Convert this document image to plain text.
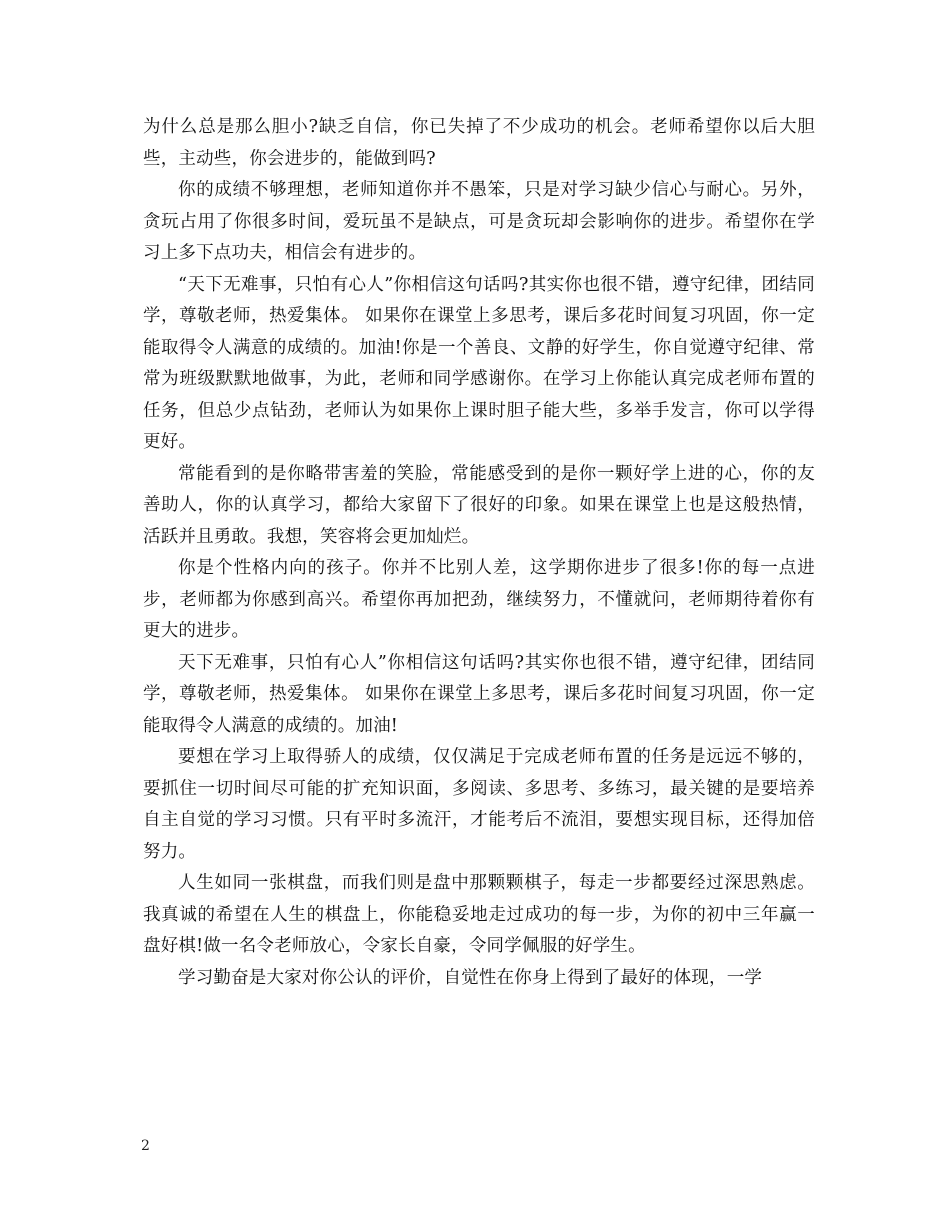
为什么总是那么胆小?缺乏自信，你已失掉了不少成功的机会。老师希望你以后大胆些，主动些，你会进步的，能做到吗?

你的成绩不够理想，老师知道你并不愚笨，只是对学习缺少信心与耐心。另外，贪玩占用了你很多时间，爱玩虽不是缺点，可是贪玩却会影响你的进步。希望你在学习上多下点功夫，相信会有进步的。

“天下无难事，只怕有心人”你相信这句话吗?其实你也很不错，遵守纪律，团结同学，尊敬老师，热爱集体。 如果你在课堂上多思考，课后多花时间复习巩固，你一定能取得令人满意的成绩的。加油!你是一个善良、文静的好学生，你自觉遵守纪律、常常为班级默默地做事，为此，老师和同学感谢你。在学习上你能认真完成老师布置的任务，但总少点钻劲，老师认为如果你上课时胆子能大些，多举手发言，你可以学得更好。

常能看到的是你略带害羞的笑脸，常能感受到的是你一颗好学上进的心，你的友善助人，你的认真学习，都给大家留下了很好的印象。如果在课堂上也是这般热情，活跃并且勇敢。我想，笑容将会更加灿烂。

你是个性格内向的孩子。你并不比别人差，这学期你进步了很多!你的每一点进步，老师都为你感到高兴。希望你再加把劲，继续努力，不懂就问，老师期待着你有更大的进步。

天下无难事，只怕有心人”你相信这句话吗?其实你也很不错，遵守纪律，团结同学，尊敬老师，热爱集体。 如果你在课堂上多思考，课后多花时间复习巩固，你一定能取得令人满意的成绩的。加油!

要想在学习上取得骄人的成绩，仅仅满足于完成老师布置的任务是远远不够的，要抓住一切时间尽可能的扩充知识面，多阅读、多思考、多练习，最关键的是要培养自主自觉的学习习惯。只有平时多流汗，才能考后不流泪，要想实现目标，还得加倍努力。

人生如同一张棋盘，而我们则是盘中那颗颗棋子，每走一步都要经过深思熟虑。我真诚的希望在人生的棋盘上，你能稳妥地走过成功的每一步，为你的初中三年赢一盘好棋!做一名令老师放心，令家长自豪，令同学佩服的好学生。

学习勤奋是大家对你公认的评价，自觉性在你身上得到了最好的体现，一学

2
